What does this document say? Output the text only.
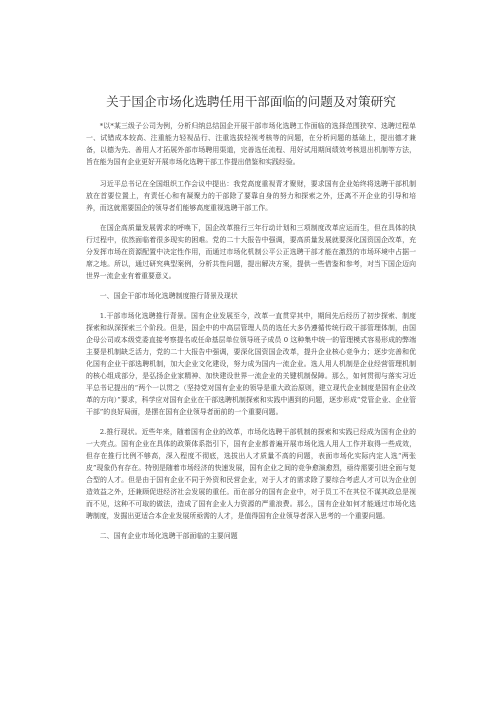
关于国企市场化选聘任用干部面临的问题及对策研究

*以*某三级子公司为例，分析归纳总结国企开展干部市场化选聘工作面临的选择范围狭窄、选聘过程单一、试错成本较高、注重能力轻视品行、注重选拔轻视考核等的问题，在分析问题的基础上，提出德才兼备，以德为先、善用人才拓展外部市场聘用渠道，完善选任流程、用好试用期间绩效考核退出机制等方法，旨在能为国有企业更好开展市场化选聘干部工作提出借鉴和实践经验。

习近平总书记在全国组织工作会议中提出：我党高度重视青才聚财，要求国有企业始终将选聘干部机制放在首要位置上，有责任心和有凝聚力的干部除了要靠自身的努力和探索之外，还离不开企业的引导和培养，而这就需要国企的领导者们能够高度重视选聘干部工作。

在国企高质量发展需求的呼唤下，国企改革推行三年行动计划和三项制度改革应运而生，但在具体的执行过程中，依然面临着很多现实的困难。党的二十大报告中强调，要高质量发展就要深化国资国企改革，充分发挥市场在资源配置中决定性作用，而通过市场化机制公平公正选聘干部才能在激烈的市场环境中占据一席之地。所以，通过研究典型案例，分析共性问题，提出解决方案，提供一些借鉴和参考，对当下国企迈向世界一流企业有着重要意义。

一、国企干部市场化选聘制度推行背景及现状

1.干部市场化选聘推行背景。国有企业发展至今，改革一直贯穿其中，期间先后经历了初步探索、制度探索和纵深探索三个阶段。但是，国企中的中高层管理人员的选任大多仍遵循传统行政干部管理体制，由国企母公司或本级党委直接考察提名或任命基层单位领导班子成员 0 这种集中统一的管理模式容易形成的弊端主要是机制缺乏活力，党的二十大报告中强调，要深化国资国企改革，提升企业核心竞争力；逐步完善和优化国有企业干部选聘机制，加大企业文化建设，努力成为国内一流企业。选人用人机制是企业经营管理机制的核心组成部分，是弘扬企业家精神、加快建设世界一流企业的关键机制保障。那么，如何贯彻与落实习近平总书记提出的“两个一以贯之（坚持党对国有企业的领导是重大政治原则，建立现代企业制度是国有企业改革的方向）”要求，科学应对国有企业在干部选聘机制探索和实践中遇到的问题，逐步形成“党管企业、企业管干部”的良好局面，是摆在国有企业领导者面前的一个重要问题。

2.推行现状。近些年来，随着国有企业的改革，市场化选聘干部机制的探索和实践已经成为国有企业的一大亮点。国有企业在具体的政策体系指引下，国有企业都普遍开展市场化选人用人工作并取得一些成效，但存在推行比例不够高，深入程度不彻底，选拔出人才质量不高的问题，表面市场化实际内定人选“两张皮”现象仍有存在。特别是随着市场经济的快速发展，国有企业之间的竞争愈演愈烈，亟待需要引进全面与复合型的人才。但是由于国有企业不同于外资和民营企业，对于人才的需求除了要综合考虑人才可以为企业创造效益之外，还兼顾促进经济社会发展的重任。而在部分的国有企业中，对于员工不在其位不谋其政总是视而不见，这种不可取的做法，造成了国有企业人力资源的严重浪费。那么，国有企业如何才能通过市场化选聘制度，发掘出更适合本企业发展所亟需的人才，是值得国有企业领导者深入思考的一个重要问题。

二、国有企业市场化选聘干部面临的主要问题
